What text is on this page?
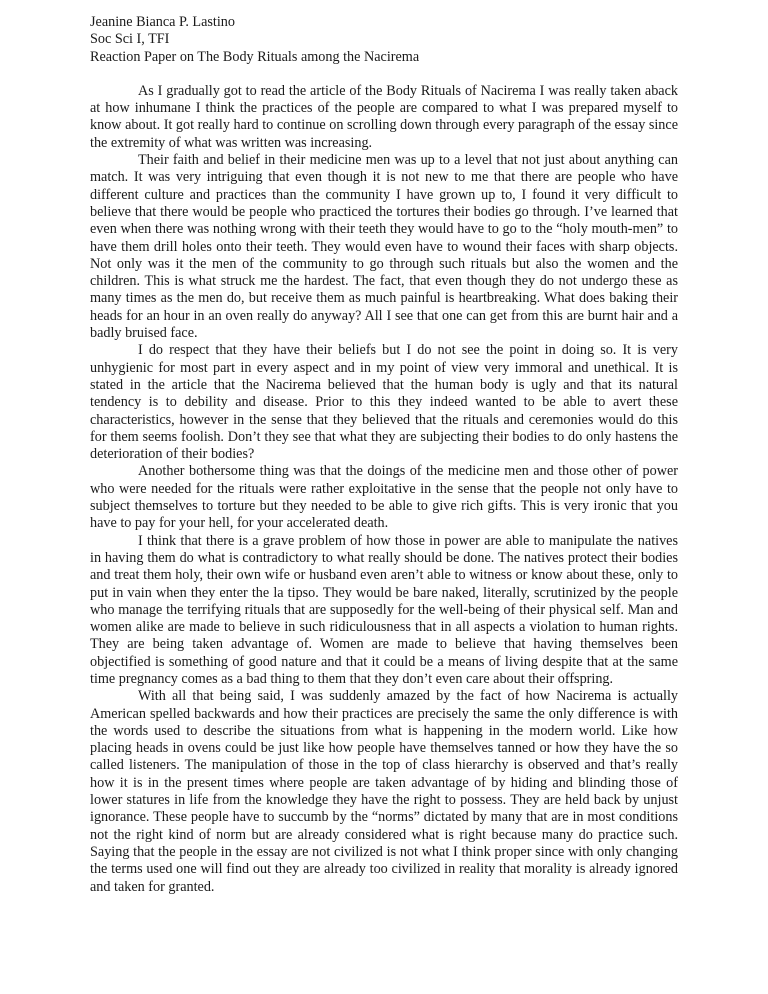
Jeanine Bianca P. Lastino

Soc Sci I, TFI

Reaction Paper on The Body Rituals among the Nacirema

As I gradually got to read the article of the Body Rituals of Nacirema I was really taken aback at how inhumane I think the practices of the people are compared to what I was prepared myself to know about. It got really hard to continue on scrolling down through every paragraph of the essay since the extremity of what was written was increasing.

Their faith and belief in their medicine men was up to a level that not just about anything can match. It was very intriguing that even though it is not new to me that there are people who have different culture and practices than the community I have grown up to, I found it very difficult to believe that there would be people who practiced the tortures their bodies go through. I’ve learned that even when there was nothing wrong with their teeth they would have to go to the “holy mouth-men” to have them drill holes onto their teeth. They would even have to wound their faces with sharp objects. Not only was it the men of the community to go through such rituals but also the women and the children. This is what struck me the hardest. The fact, that even though they do not undergo these as many times as the men do, but receive them as much painful is heartbreaking. What does baking their heads for an hour in an oven really do anyway? All I see that one can get from this are burnt hair and a badly bruised face.

I do respect that they have their beliefs but I do not see the point in doing so. It is very unhygienic for most part in every aspect and in my point of view very immoral and unethical. It is stated in the article that the Nacirema believed that the human body is ugly and that its natural tendency is to debility and disease. Prior to this they indeed wanted to be able to avert these characteristics, however in the sense that they believed that the rituals and ceremonies would do this for them seems foolish. Don’t they see that what they are subjecting their bodies to do only hastens the deterioration of their bodies?

Another bothersome thing was that the doings of the medicine men and those other of power who were needed for the rituals were rather exploitative in the sense that the people not only have to subject themselves to torture but they needed to be able to give rich gifts. This is very ironic that you have to pay for your hell, for your accelerated death.

I think that there is a grave problem of how those in power are able to manipulate the natives in having them do what is contradictory to what really should be done. The natives protect their bodies and treat them holy, their own wife or husband even aren’t able to witness or know about these, only to put in vain when they enter the la tipso. They would be bare naked, literally, scrutinized by the people who manage the terrifying rituals that are supposedly for the well-being of their physical self. Man and women alike are made to believe in such ridiculousness that in all aspects a violation to human rights. They are being taken advantage of. Women are made to believe that having themselves been objectified is something of good nature and that it could be a means of living despite that at the same time pregnancy comes as a bad thing to them that they don’t even care about their offspring.

With all that being said, I was suddenly amazed by the fact of how Nacirema is actually American spelled backwards and how their practices are precisely the same the only difference is with the words used to describe the situations from what is happening in the modern world. Like how placing heads in ovens could be just like how people have themselves tanned or how they have the so called listeners. The manipulation of those in the top of class hierarchy is observed and that’s really how it is in the present times where people are taken advantage of by hiding and blinding those of lower statures in life from the knowledge they have the right to possess. They are held back by unjust ignorance. These people have to succumb by the “norms” dictated by many that are in most conditions not the right kind of norm but are already considered what is right because many do practice such. Saying that the people in the essay are not civilized is not what I think proper since with only changing the terms used one will find out they are already too civilized in reality that morality is already ignored and taken for granted.
